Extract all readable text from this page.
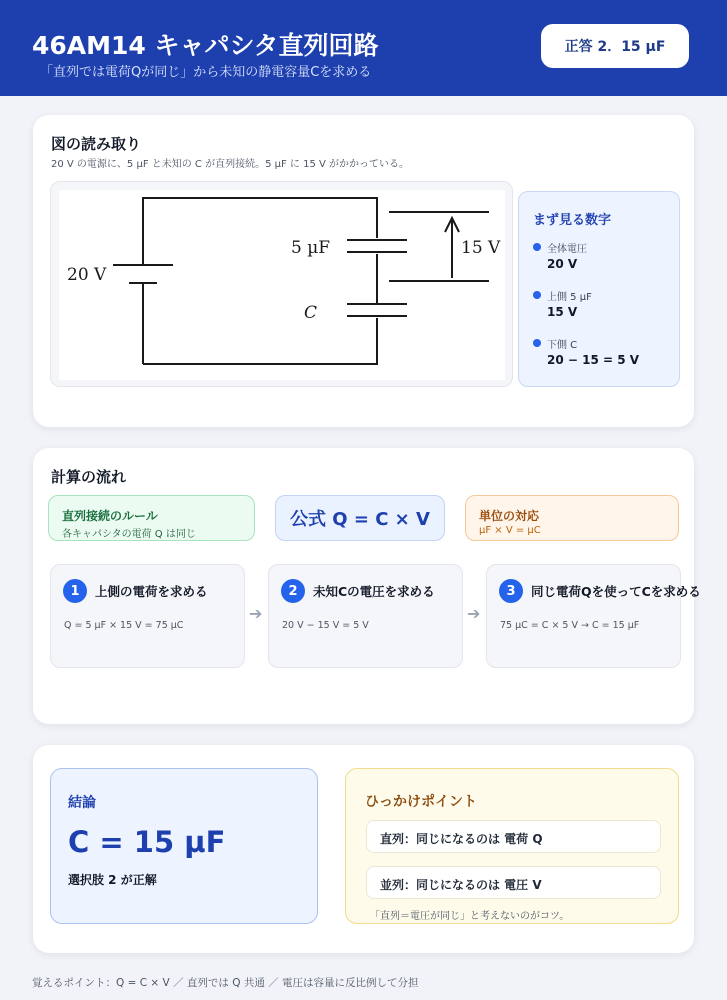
46AM14 キャパシタ直列回路
「直列では電荷Qが同じ」から未知の静電容量Cを求める
正答 2．15 µF
図の読み取り
20 V の電源に、5 µF と未知の C が直列接続。5 µF に 15 V がかかっている。
20 V
5 µF
C
15 V
まず見る数字
全体電圧
20 V
上側 5 µF
15 V
下側 C
20 − 15 = 5 V
計算の流れ
直列接続のルール
各キャパシタの電荷 Q は同じ
公式 Q = C × V	単位の対応
µF × V = µC
1	上側の電荷を求める
Q = 5 µF × 15 V = 75 µC
➔
2	未知Cの電圧を求める
20 V − 15 V = 5 V
➔
3	同じ電荷Qを使ってCを求める
75 µC = C × 5 V → C = 15 µF
結論
C = 15 µF
選択肢 2 が正解
ひっかけポイント
直列：同じになるのは 電荷 Q
並列：同じになるのは 電圧 V
「直列＝電圧が同じ」と考えないのがコツ。
覚えるポイント：Q = C × V ／ 直列では Q 共通 ／ 電圧は容量に反比例して分担
